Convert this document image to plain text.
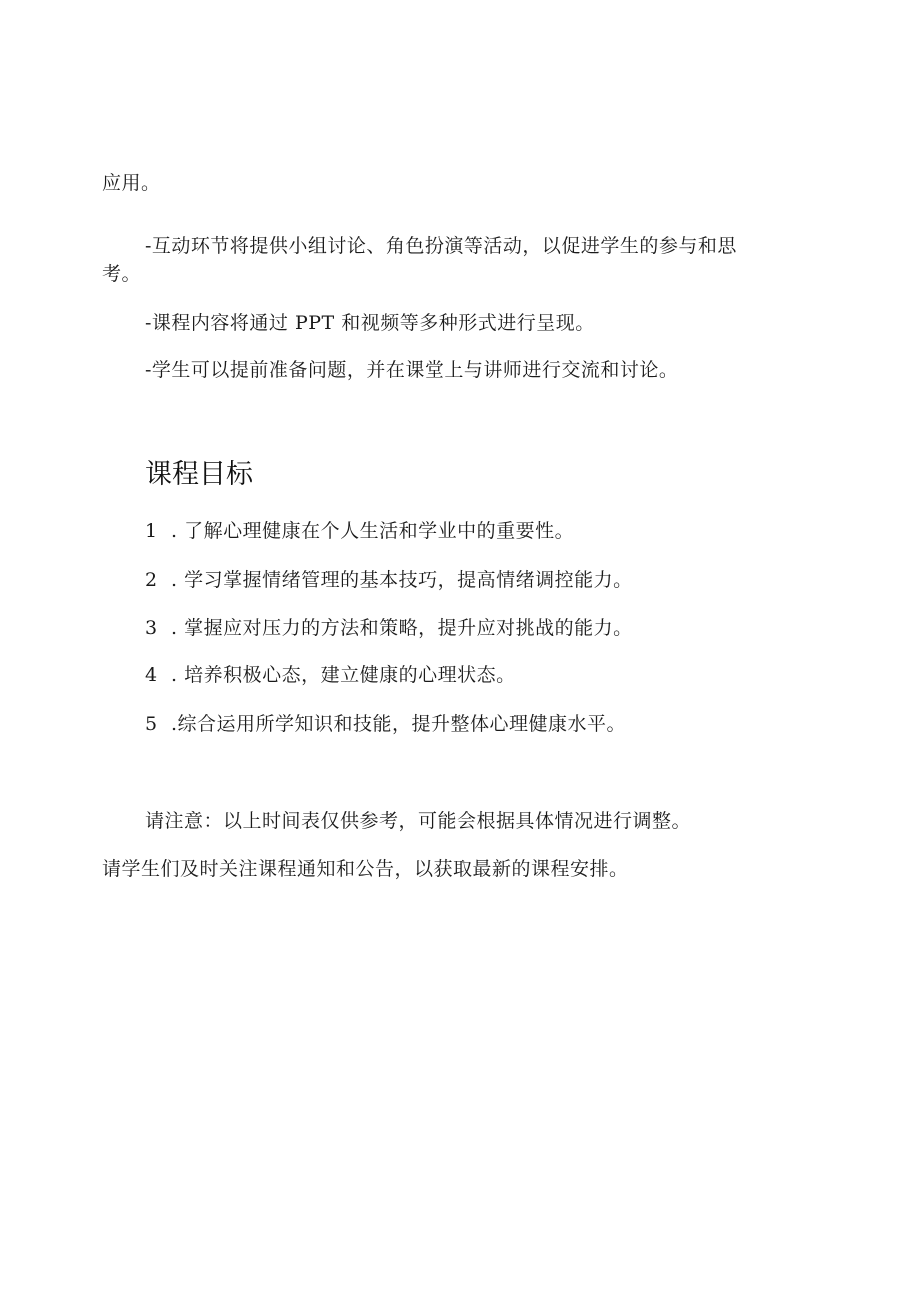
应用。
-互动环节将提供小组讨论、角色扮演等活动，以促进学生的参与和思
考。
-课程内容将通过 PPT 和视频等多种形式进行呈现。
-学生可以提前准备问题，并在课堂上与讲师进行交流和讨论。
课程目标
1 . 了解心理健康在个人生活和学业中的重要性。
2 . 学习掌握情绪管理的基本技巧，提高情绪调控能力。
3 . 掌握应对压力的方法和策略，提升应对挑战的能力。
4 . 培养积极心态，建立健康的心理状态。
5 .综合运用所学知识和技能，提升整体心理健康水平。
请注意：以上时间表仅供参考，可能会根据具体情况进行调整。
请学生们及时关注课程通知和公告，以获取最新的课程安排。
